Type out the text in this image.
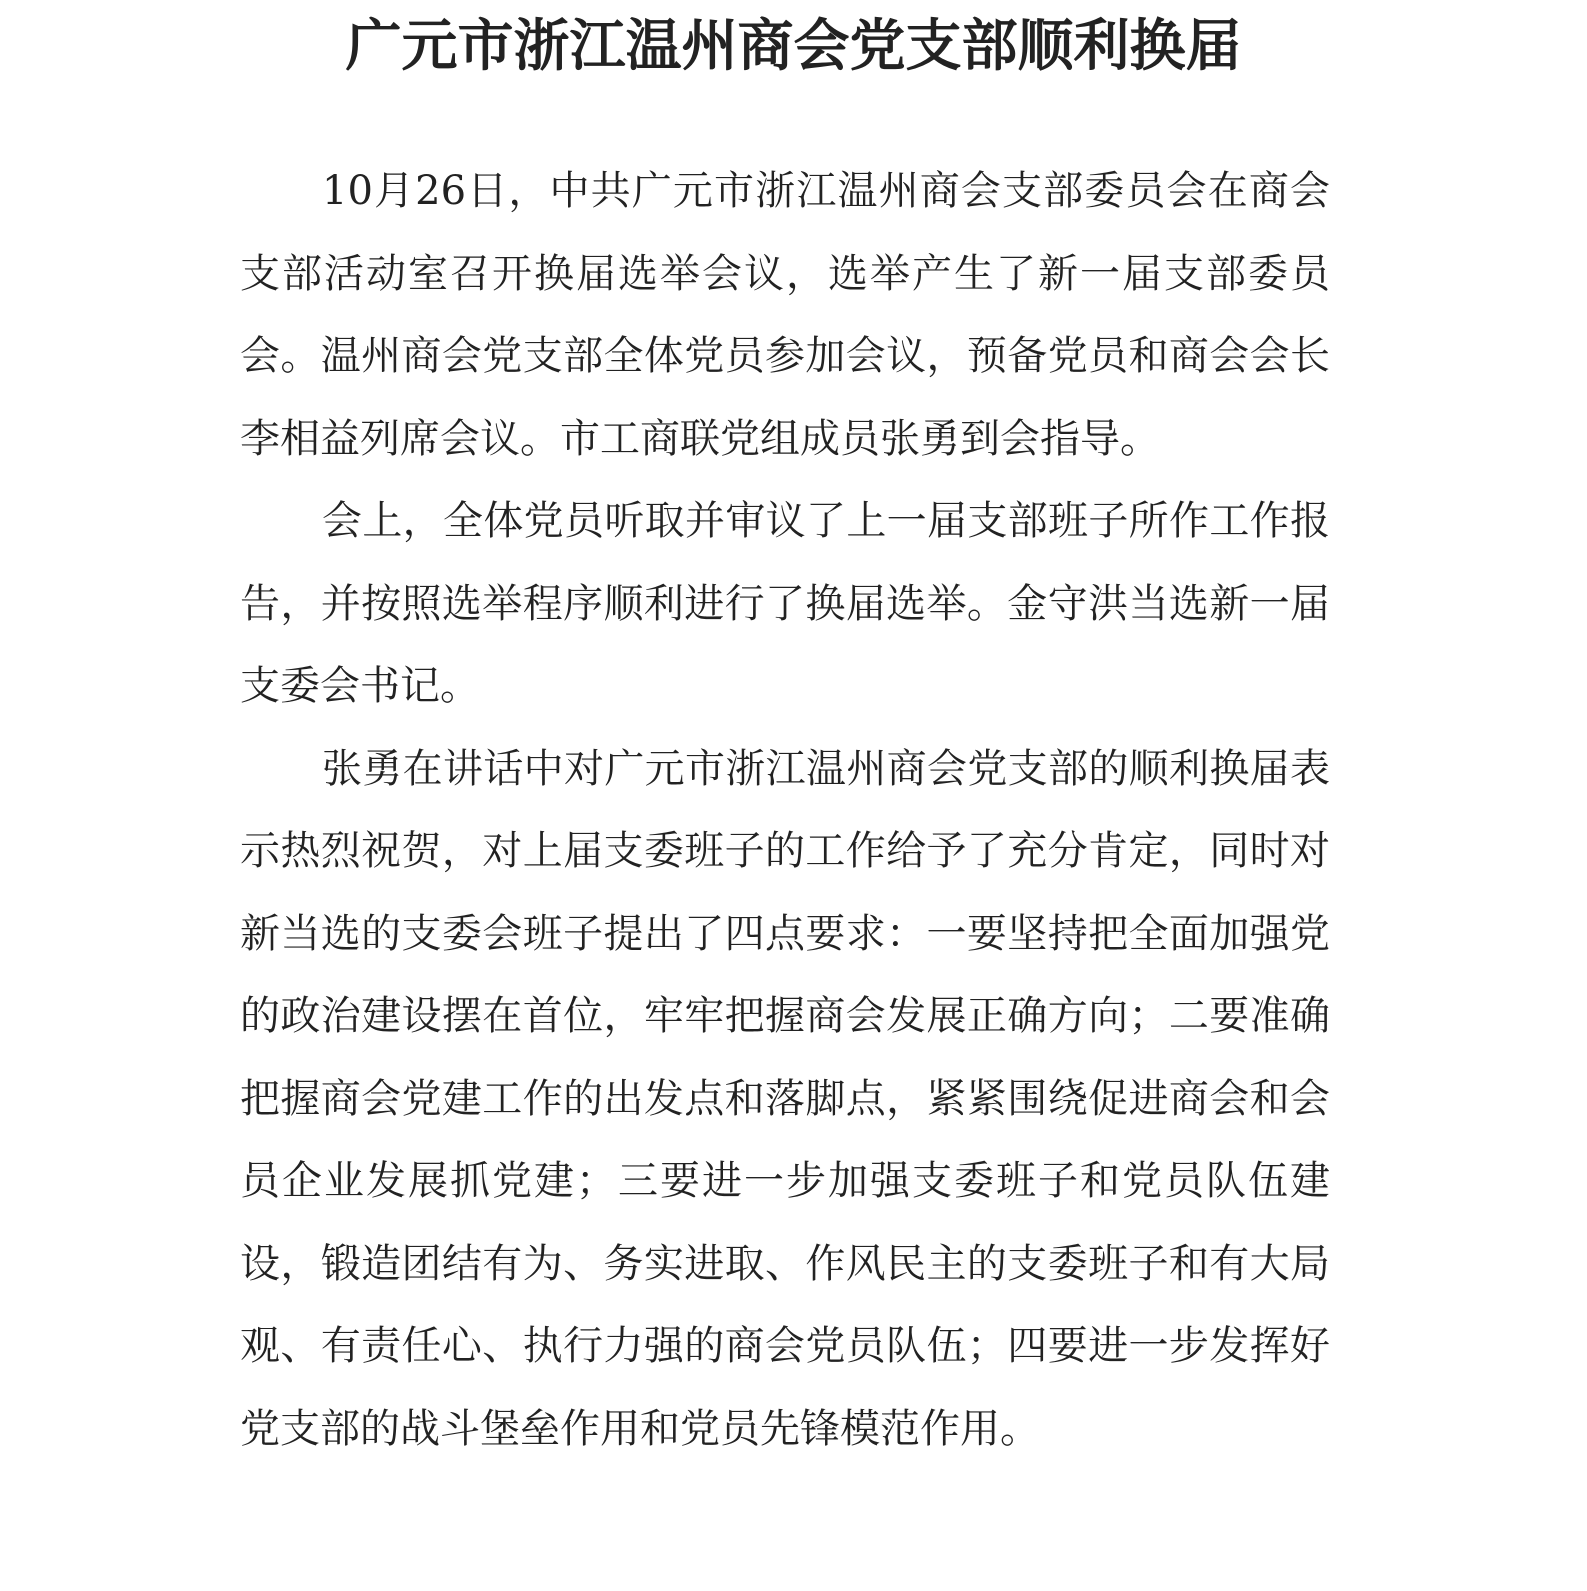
广元市浙江温州商会党支部顺利换届

10月26日，中共广元市浙江温州商会支部委员会在商会支部活动室召开换届选举会议，选举产生了新一届支部委员会。温州商会党支部全体党员参加会议，预备党员和商会会长李相益列席会议。市工商联党组成员张勇到会指导。

会上，全体党员听取并审议了上一届支部班子所作工作报告，并按照选举程序顺利进行了换届选举。金守洪当选新一届支委会书记。

张勇在讲话中对广元市浙江温州商会党支部的顺利换届表示热烈祝贺，对上届支委班子的工作给予了充分肯定，同时对新当选的支委会班子提出了四点要求：一要坚持把全面加强党的政治建设摆在首位，牢牢把握商会发展正确方向；二要准确把握商会党建工作的出发点和落脚点，紧紧围绕促进商会和会员企业发展抓党建；三要进一步加强支委班子和党员队伍建设，锻造团结有为、务实进取、作风民主的支委班子和有大局观、有责任心、执行力强的商会党员队伍；四要进一步发挥好党支部的战斗堡垒作用和党员先锋模范作用。
